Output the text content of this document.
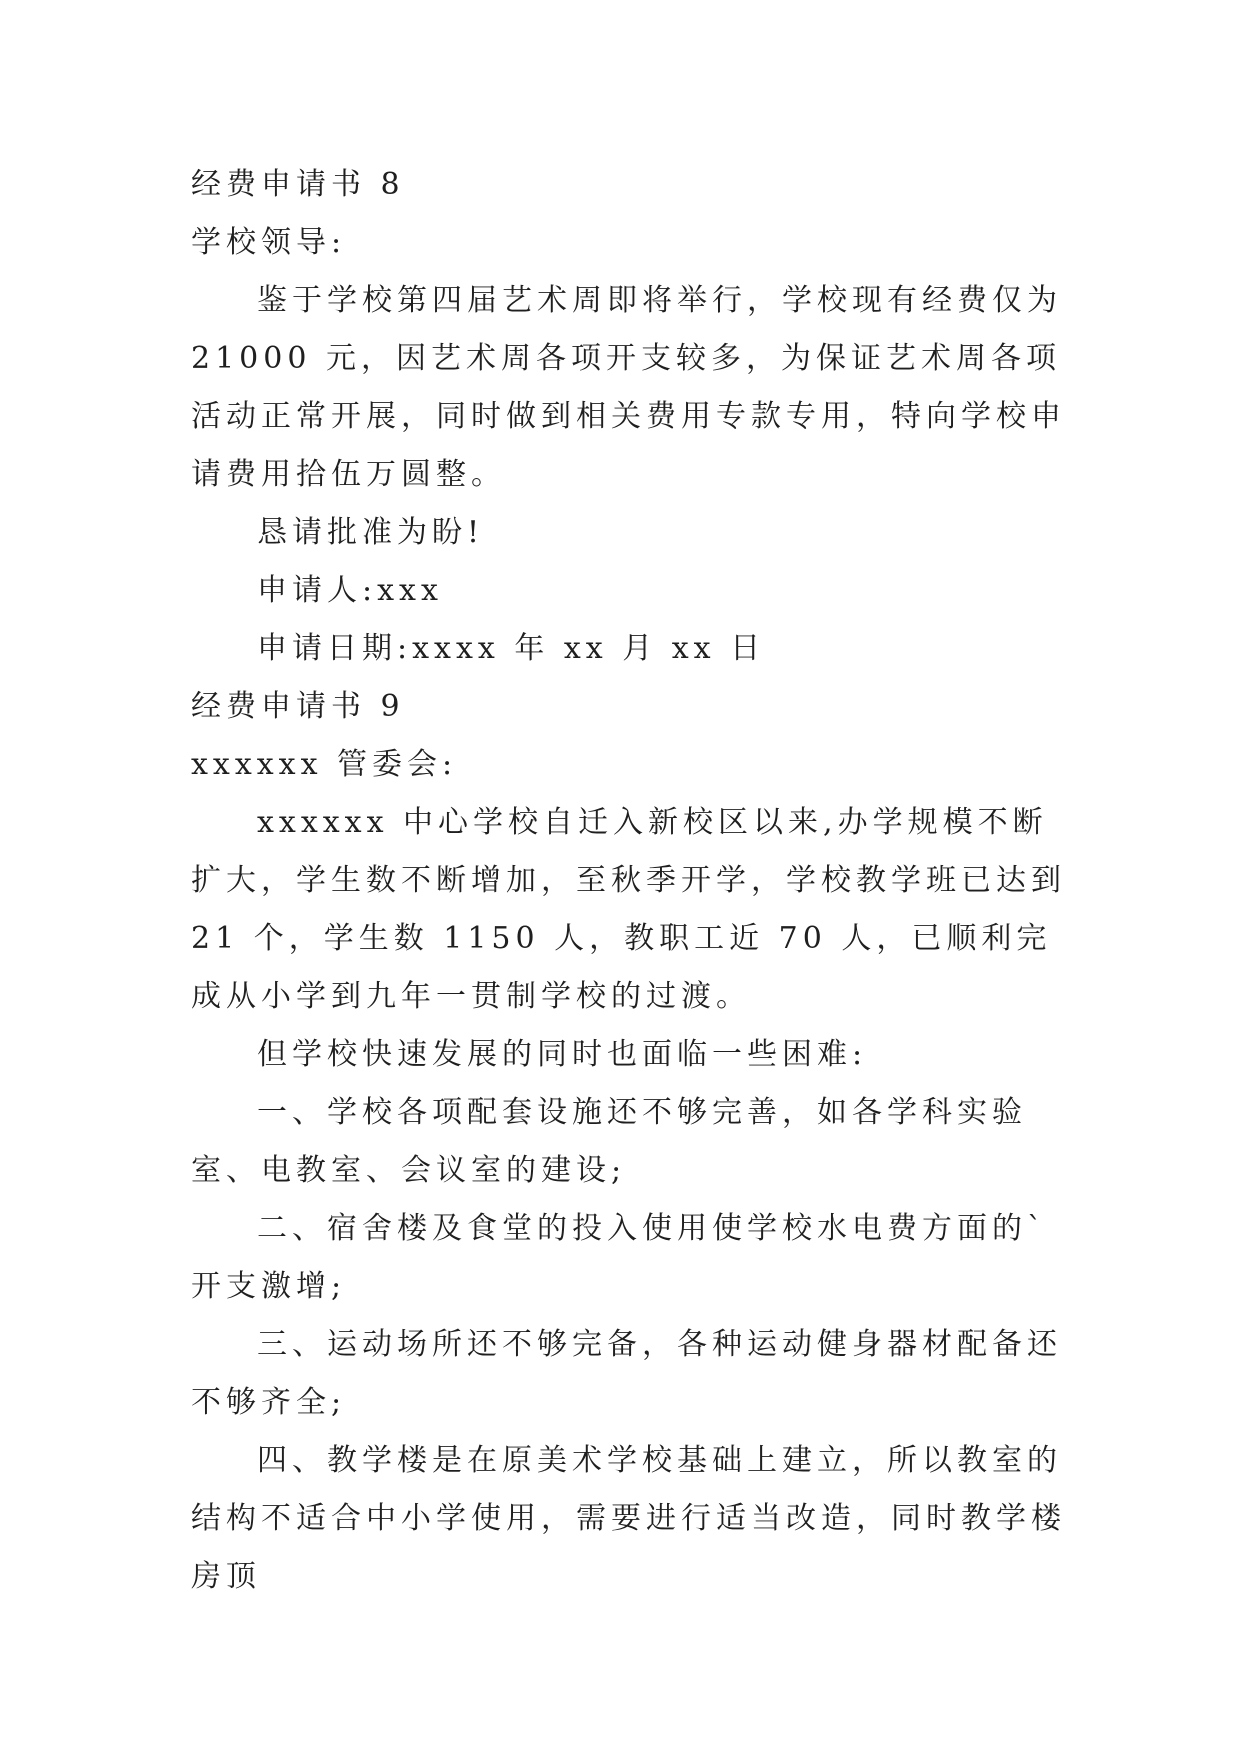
经费申请书 8

学校领导:

鉴于学校第四届艺术周即将举行，学校现有经费仅为 21000 元，因艺术周各项开支较多，为保证艺术周各项活动正常开展，同时做到相关费用专款专用，特向学校申请费用拾伍万圆整。

恳请批准为盼!

申请人:xxx

申请日期:xxxx 年 xx 月 xx 日

经费申请书 9

xxxxxx 管委会:

xxxxxx 中心学校自迁入新校区以来,办学规模不断扩大，学生数不断增加，至秋季开学，学校教学班已达到 21 个，学生数 1150 人，教职工近 70 人，已顺利完成从小学到九年一贯制学校的过渡。

但学校快速发展的同时也面临一些困难:

一、学校各项配套设施还不够完善，如各学科实验室、电教室、会议室的建设;

二、宿舍楼及食堂的投入使用使学校水电费方面的`开支激增;

三、运动场所还不够完备，各种运动健身器材配备还不够齐全;

四、教学楼是在原美术学校基础上建立，所以教室的结构不适合中小学使用，需要进行适当改造，同时教学楼房顶
